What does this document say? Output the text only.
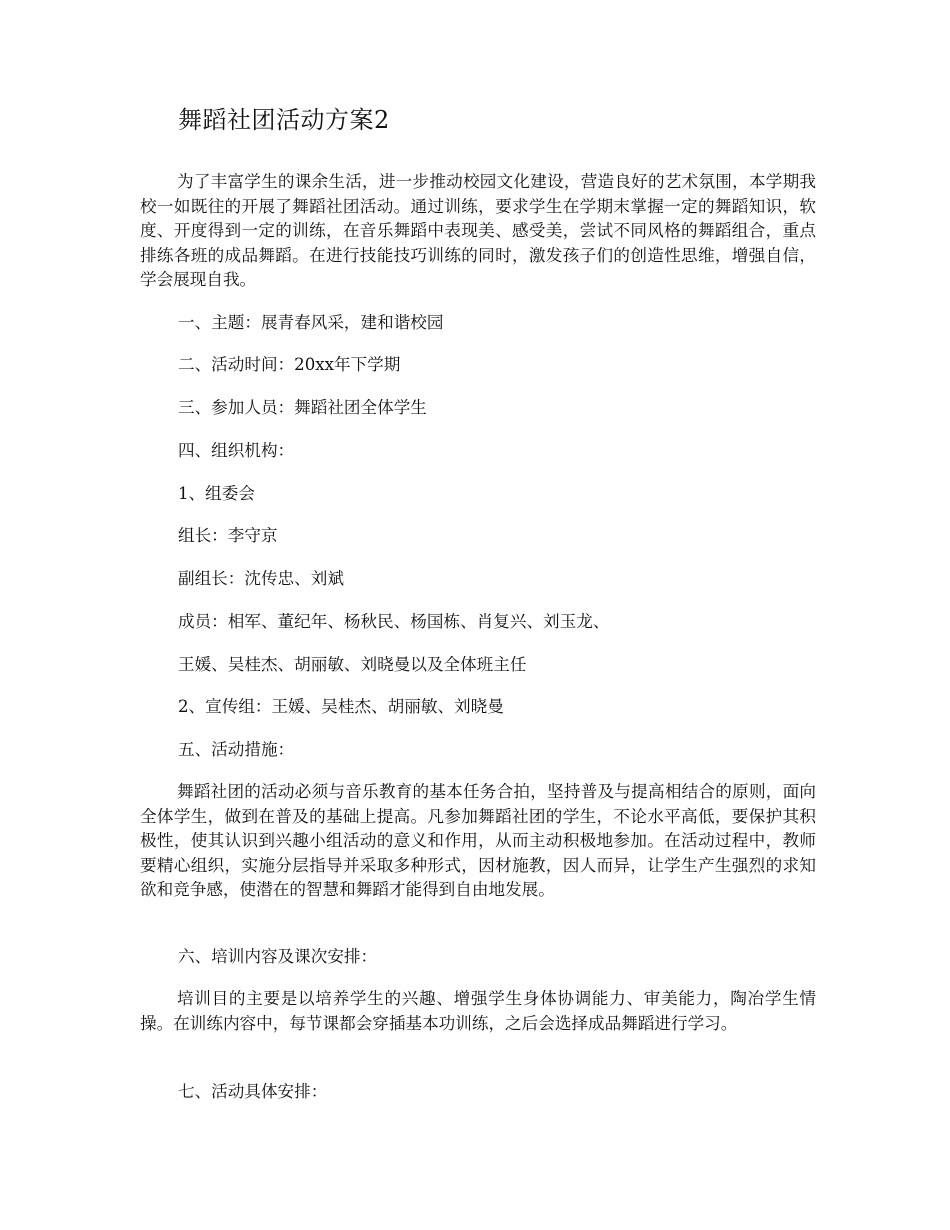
舞蹈社团活动方案2

为了丰富学生的课余生活，进一步推动校园文化建设，营造良好的艺术氛围，本学期我校一如既往的开展了舞蹈社团活动。通过训练，要求学生在学期末掌握一定的舞蹈知识，软度、开度得到一定的训练，在音乐舞蹈中表现美、感受美，尝试不同风格的舞蹈组合，重点排练各班的成品舞蹈。在进行技能技巧训练的同时，激发孩子们的创造性思维，增强自信，学会展现自我。

一、主题：展青春风采，建和谐校园

二、活动时间：20xx年下学期

三、参加人员：舞蹈社团全体学生

四、组织机构：

1、组委会

组长：李守京

副组长：沈传忠、刘斌

成员：相军、董纪年、杨秋民、杨国栋、肖复兴、刘玉龙、

王媛、吴桂杰、胡丽敏、刘晓曼以及全体班主任

2、宣传组：王媛、吴桂杰、胡丽敏、刘晓曼

五、活动措施：

舞蹈社团的活动必须与音乐教育的基本任务合拍，坚持普及与提高相结合的原则，面向全体学生，做到在普及的基础上提高。凡参加舞蹈社团的学生，不论水平高低，要保护其积极性，使其认识到兴趣小组活动的意义和作用，从而主动积极地参加。在活动过程中，教师要精心组织，实施分层指导并采取多种形式，因材施教，因人而异，让学生产生强烈的求知欲和竞争感，使潜在的智慧和舞蹈才能得到自由地发展。

六、培训内容及课次安排：

培训目的主要是以培养学生的兴趣、增强学生身体协调能力、审美能力，陶冶学生情操。在训练内容中，每节课都会穿插基本功训练，之后会选择成品舞蹈进行学习。

七、活动具体安排：
